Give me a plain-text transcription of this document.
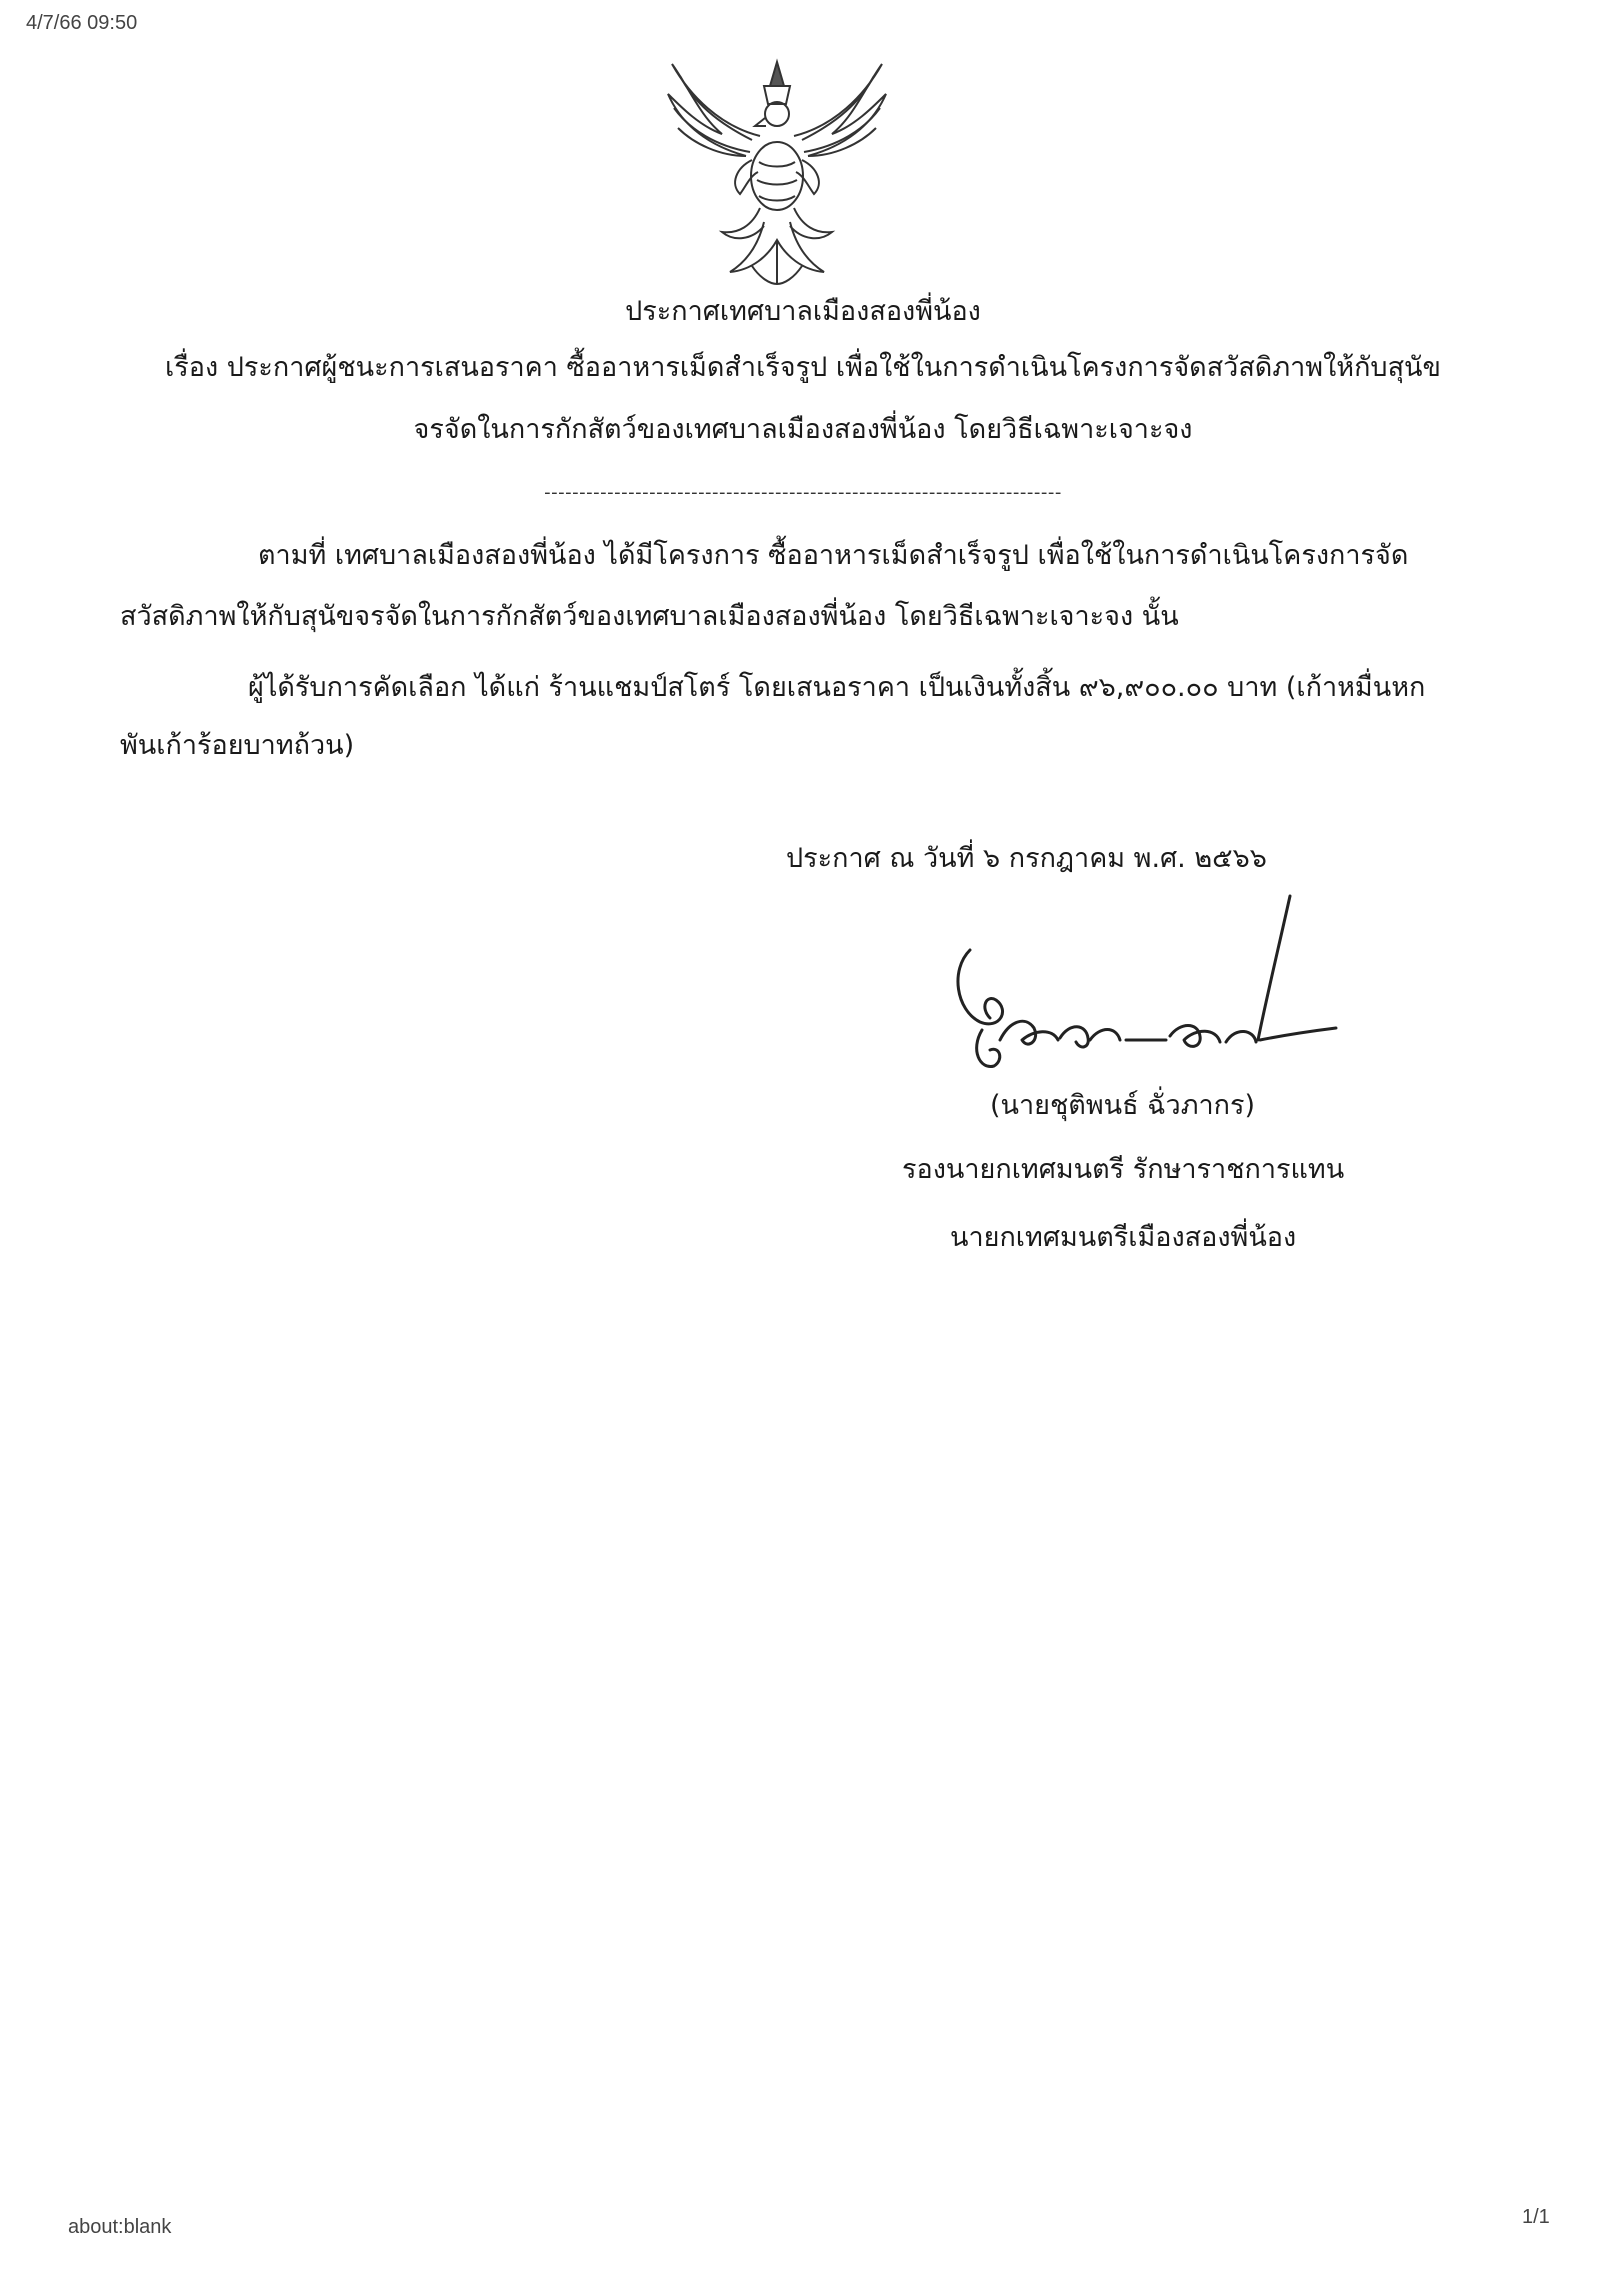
4/7/66 09:50
ประกาศเทศบาลเมืองสองพี่น้อง
เรื่อง ประกาศผู้ชนะการเสนอราคา ซื้ออาหารเม็ดสำเร็จรูป เพื่อใช้ในการดำเนินโครงการจัดสวัสดิภาพให้กับสุนัข
จรจัดในการกักสัตว์ของเทศบาลเมืองสองพี่น้อง โดยวิธีเฉพาะเจาะจง
--------------------------------------------------------------------------
ตามที่ เทศบาลเมืองสองพี่น้อง ได้มีโครงการ ซื้ออาหารเม็ดสำเร็จรูป เพื่อใช้ในการดำเนินโครงการจัด
สวัสดิภาพให้กับสุนัขจรจัดในการกักสัตว์ของเทศบาลเมืองสองพี่น้อง โดยวิธีเฉพาะเจาะจง นั้น
ผู้ได้รับการคัดเลือก ได้แก่ ร้านแชมป์สโตร์ โดยเสนอราคา เป็นเงินทั้งสิ้น ๙๖,๙๐๐.๐๐ บาท (เก้าหมื่นหก
พันเก้าร้อยบาทถ้วน)
ประกาศ ณ วันที่ ๖ กรกฎาคม พ.ศ. ๒๕๖๖
(นายชุติพนธ์ ฉั่วภากร)
รองนายกเทศมนตรี รักษาราชการแทน
นายกเทศมนตรีเมืองสองพี่น้อง
about:blank	1/1
